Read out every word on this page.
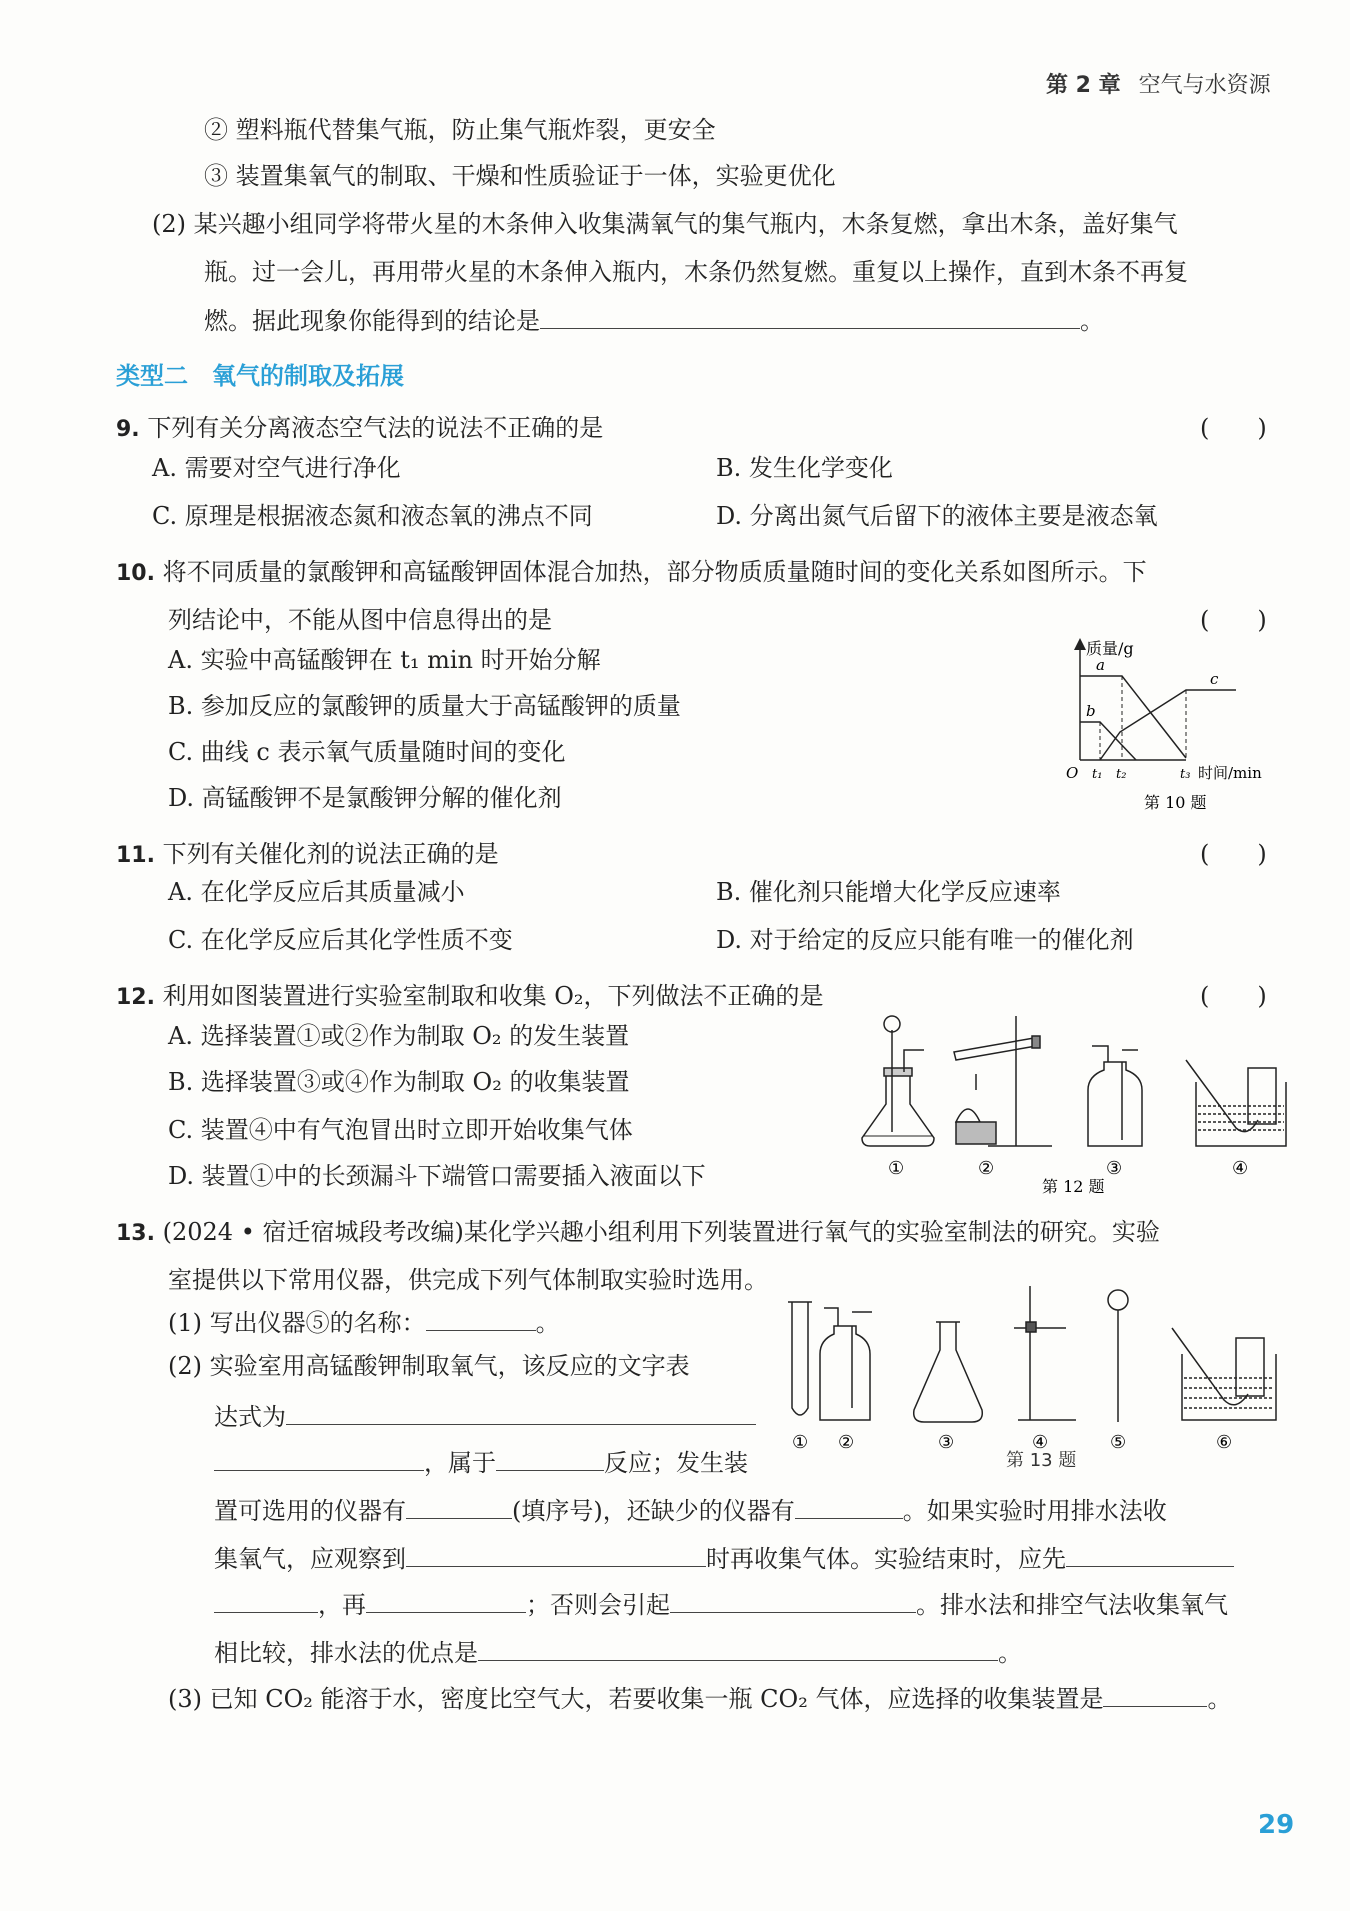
第 2 章 空气与水资源
② 塑料瓶代替集气瓶，防止集气瓶炸裂，更安全
③ 装置集氧气的制取、干燥和性质验证于一体，实验更优化
(2) 某兴趣小组同学将带火星的木条伸入收集满氧气的集气瓶内，木条复燃，拿出木条，盖好集气
瓶。过一会儿，再用带火星的木条伸入瓶内，木条仍然复燃。重复以上操作，直到木条不再复
燃。据此现象你能得到的结论是	。
类型二　氧气的制取及拓展
9. 下列有关分离液态空气法的说法不正确的是	(　　)
A. 需要对空气进行净化	B. 发生化学变化
C. 原理是根据液态氮和液态氧的沸点不同	D. 分离出氮气后留下的液体主要是液态氧
10. 将不同质量的氯酸钾和高锰酸钾固体混合加热，部分物质质量随时间的变化关系如图所示。下
列结论中，不能从图中信息得出的是	(　　)
A. 实验中高锰酸钾在 t₁ min 时开始分解
B. 参加反应的氯酸钾的质量大于高锰酸钾的质量
C. 曲线 c 表示氧气质量随时间的变化
D. 高锰酸钾不是氯酸钾分解的催化剂
质量/g
a
b
c
O t₁ t₂	t₃ 时间/min
第 10 题
11. 下列有关催化剂的说法正确的是	(　　)
A. 在化学反应后其质量减小	B. 催化剂只能增大化学反应速率
C. 在化学反应后其化学性质不变	D. 对于给定的反应只能有唯一的催化剂
12. 利用如图装置进行实验室制取和收集 O₂，下列做法不正确的是	(　　)
A. 选择装置①或②作为制取 O₂ 的发生装置
B. 选择装置③或④作为制取 O₂ 的收集装置
C. 装置④中有气泡冒出时立即开始收集气体
D. 装置①中的长颈漏斗下端管口需要插入液面以下	①	②	③	④
第 12 题
13. (2024 • 宿迁宿城段考改编)某化学兴趣小组利用下列装置进行氧气的实验室制法的研究。实验
室提供以下常用仪器，供完成下列气体制取实验时选用。
(1) 写出仪器⑤的名称：	。
(2) 实验室用高锰酸钾制取氧气，该反应的文字表
达式为
，属于	反应；发生装
置可选用的仪器有	(填序号)，还缺少的仪器有	。如果实验时用排水法收
集氧气，应观察到	时再收集气体。实验结束时，应先
，再	；否则会引起	。排水法和排空气法收集氧气
相比较，排水法的优点是	。
(3) 已知 CO₂ 能溶于水，密度比空气大，若要收集一瓶 CO₂ 气体，应选择的收集装置是	。
① ②	③	④	⑤	⑥
第 13 题
29
